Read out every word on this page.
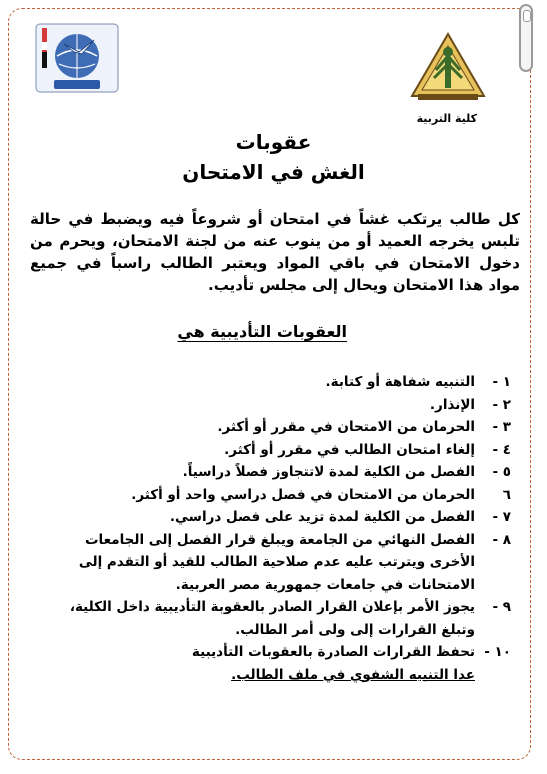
كلية التربية
عقوبات
الغش في الامتحان
كل طالب يرتكب غشاً في امتحان أو شروعاً فيه ويضبط في حالة تلبس يخرجه العميد أو من ينوب عنه من لجنة الامتحان، ويحرم من دخول الامتحان في باقي المواد ويعتبر الطالب راسباً في جميع مواد هذا الامتحان ويحال إلى مجلس تأديب.
العقوبات التأديبية هي
١ -
التنبيه شفاهة أو كتابة.
٢ -
الإنذار.
٣ -
الحرمان من الامتحان في مقرر أو أكثر.
٤ -
إلغاء امتحان الطالب في مقرر أو أكثر.
٥ -
الفصل من الكلية لمدة لاتتجاوز فصلاً دراسياً.
٦
الحرمان من الامتحان في فصل دراسي واحد أو أكثر.
٧ -
الفصل من الكلية لمدة تزيد على فصل دراسي.
٨ -
الفصل النهائي من الجامعة ويبلغ قرار الفصل إلى الجامعات الأخرى ويترتب عليه عدم صلاحية الطالب للقيد أو التقدم إلى الامتحانات في جامعات جمهورية مصر العربية.
٩ -
يجوز الأمر بإعلان القرار الصادر بالعقوبة التأديبية داخل الكلية، وتبلغ القرارات إلى ولى أمر الطالب.
١٠ -
تحفظ القرارات الصادرة بالعقوبات التأديبية
عدا التنبيه الشفوي في ملف الطالب.
